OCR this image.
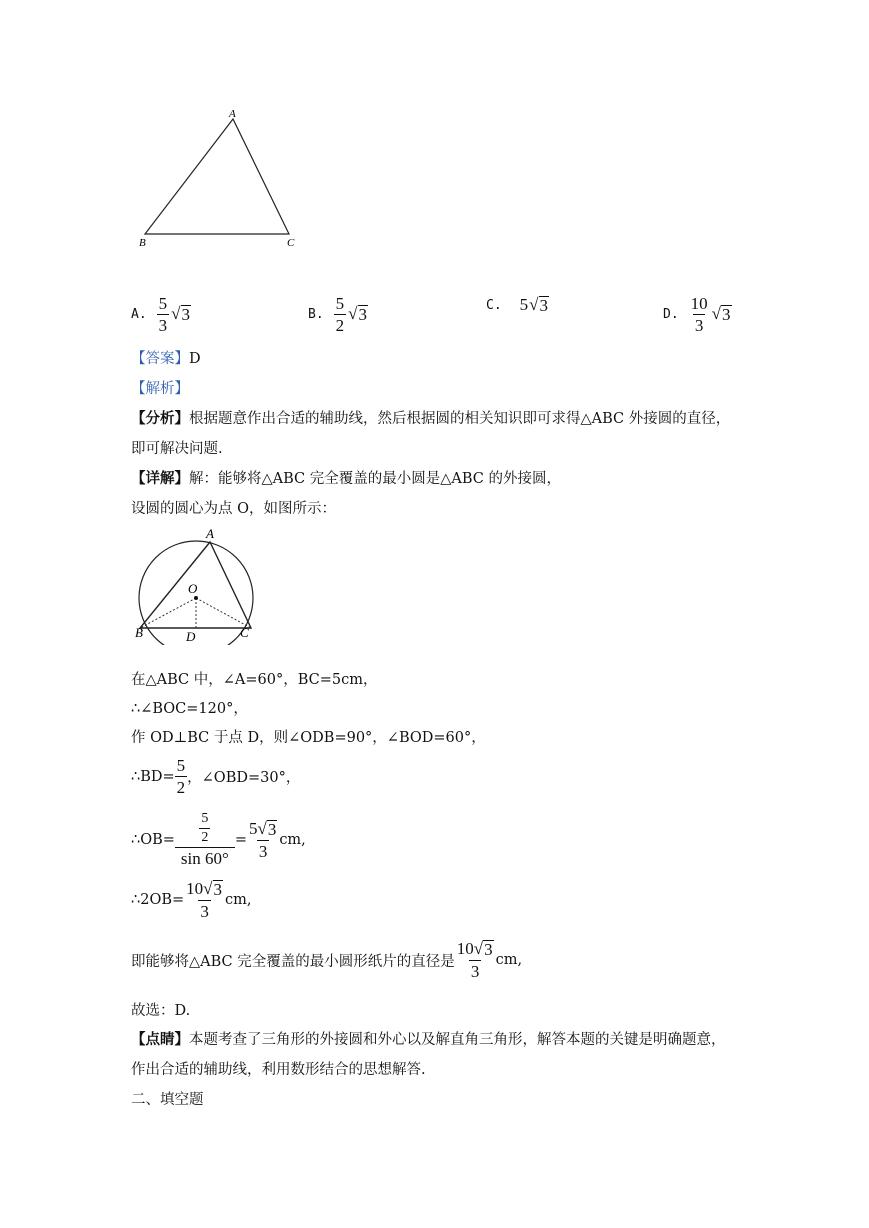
A
B	C
A. $\frac{5}{3}$ √ 3	B. $\frac{5}{2}$ √ 3
C. 5 √ 3
D. $\frac{10}{3}$ √ 3
【答案】D
【解析】
【分析】根据题意作出合适的辅助线，然后根据圆的相关知识即可求得△ABC 外接圆的直径，
即可解决问题.
【详解】解：能够将△ABC 完全覆盖的最小圆是△ABC 的外接圆，
设圆的圆心为点 O，如图所示：
A
B	C
O
D
在△ABC 中，∠A=60°，BC=5cm，
∴∠BOC=120°，
作 OD⊥BC 于点 D，则∠ODB=90°，∠BOD=60°，
∴BD= $\frac{5}{2}$ ，∠OBD=30°，
∴OB= $\frac{\frac{5}{2}}{\sin 60^\circ} = \frac{5 √ 3}{3}$ cm,
∴2OB= $\frac{10 √ 3}{3}$ cm,
即能够将△ABC 完全覆盖的最小圆形纸片的直径是 $\frac{10 √ 3}{3}$ cm,
故选：D.
【点睛】本题考查了三角形的外接圆和外心以及解直角三角形，解答本题的关键是明确题意，
作出合适的辅助线，利用数形结合的思想解答.
二、填空题
